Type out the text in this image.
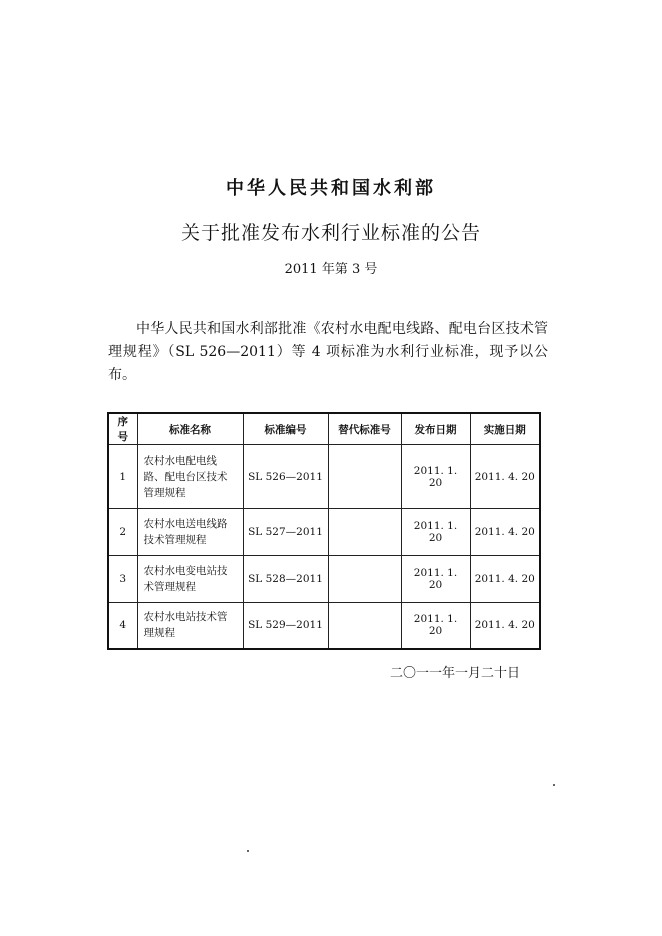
中华人民共和国水利部
关于批准发布水利行业标准的公告
2011 年第 3 号

中华人民共和国水利部批准《农村水电配电线路、配电台区技术管理规程》（SL 526—2011）等 4 项标准为水利行业标准，现予以公布。

序号	标准名称	标准编号	替代标准号	发布日期	实施日期
1	农村水电配电线路、配电台区技术管理规程	SL 526—2011		2011. 1. 20	2011. 4. 20
2	农村水电送电线路技术管理规程	SL 527—2011		2011. 1. 20	2011. 4. 20
3	农村水电变电站技术管理规程	SL 528—2011		2011. 1. 20	2011. 4. 20
4	农村水电站技术管理规程	SL 529—2011		2011. 1. 20	2011. 4. 20
二〇一一年一月二十日
